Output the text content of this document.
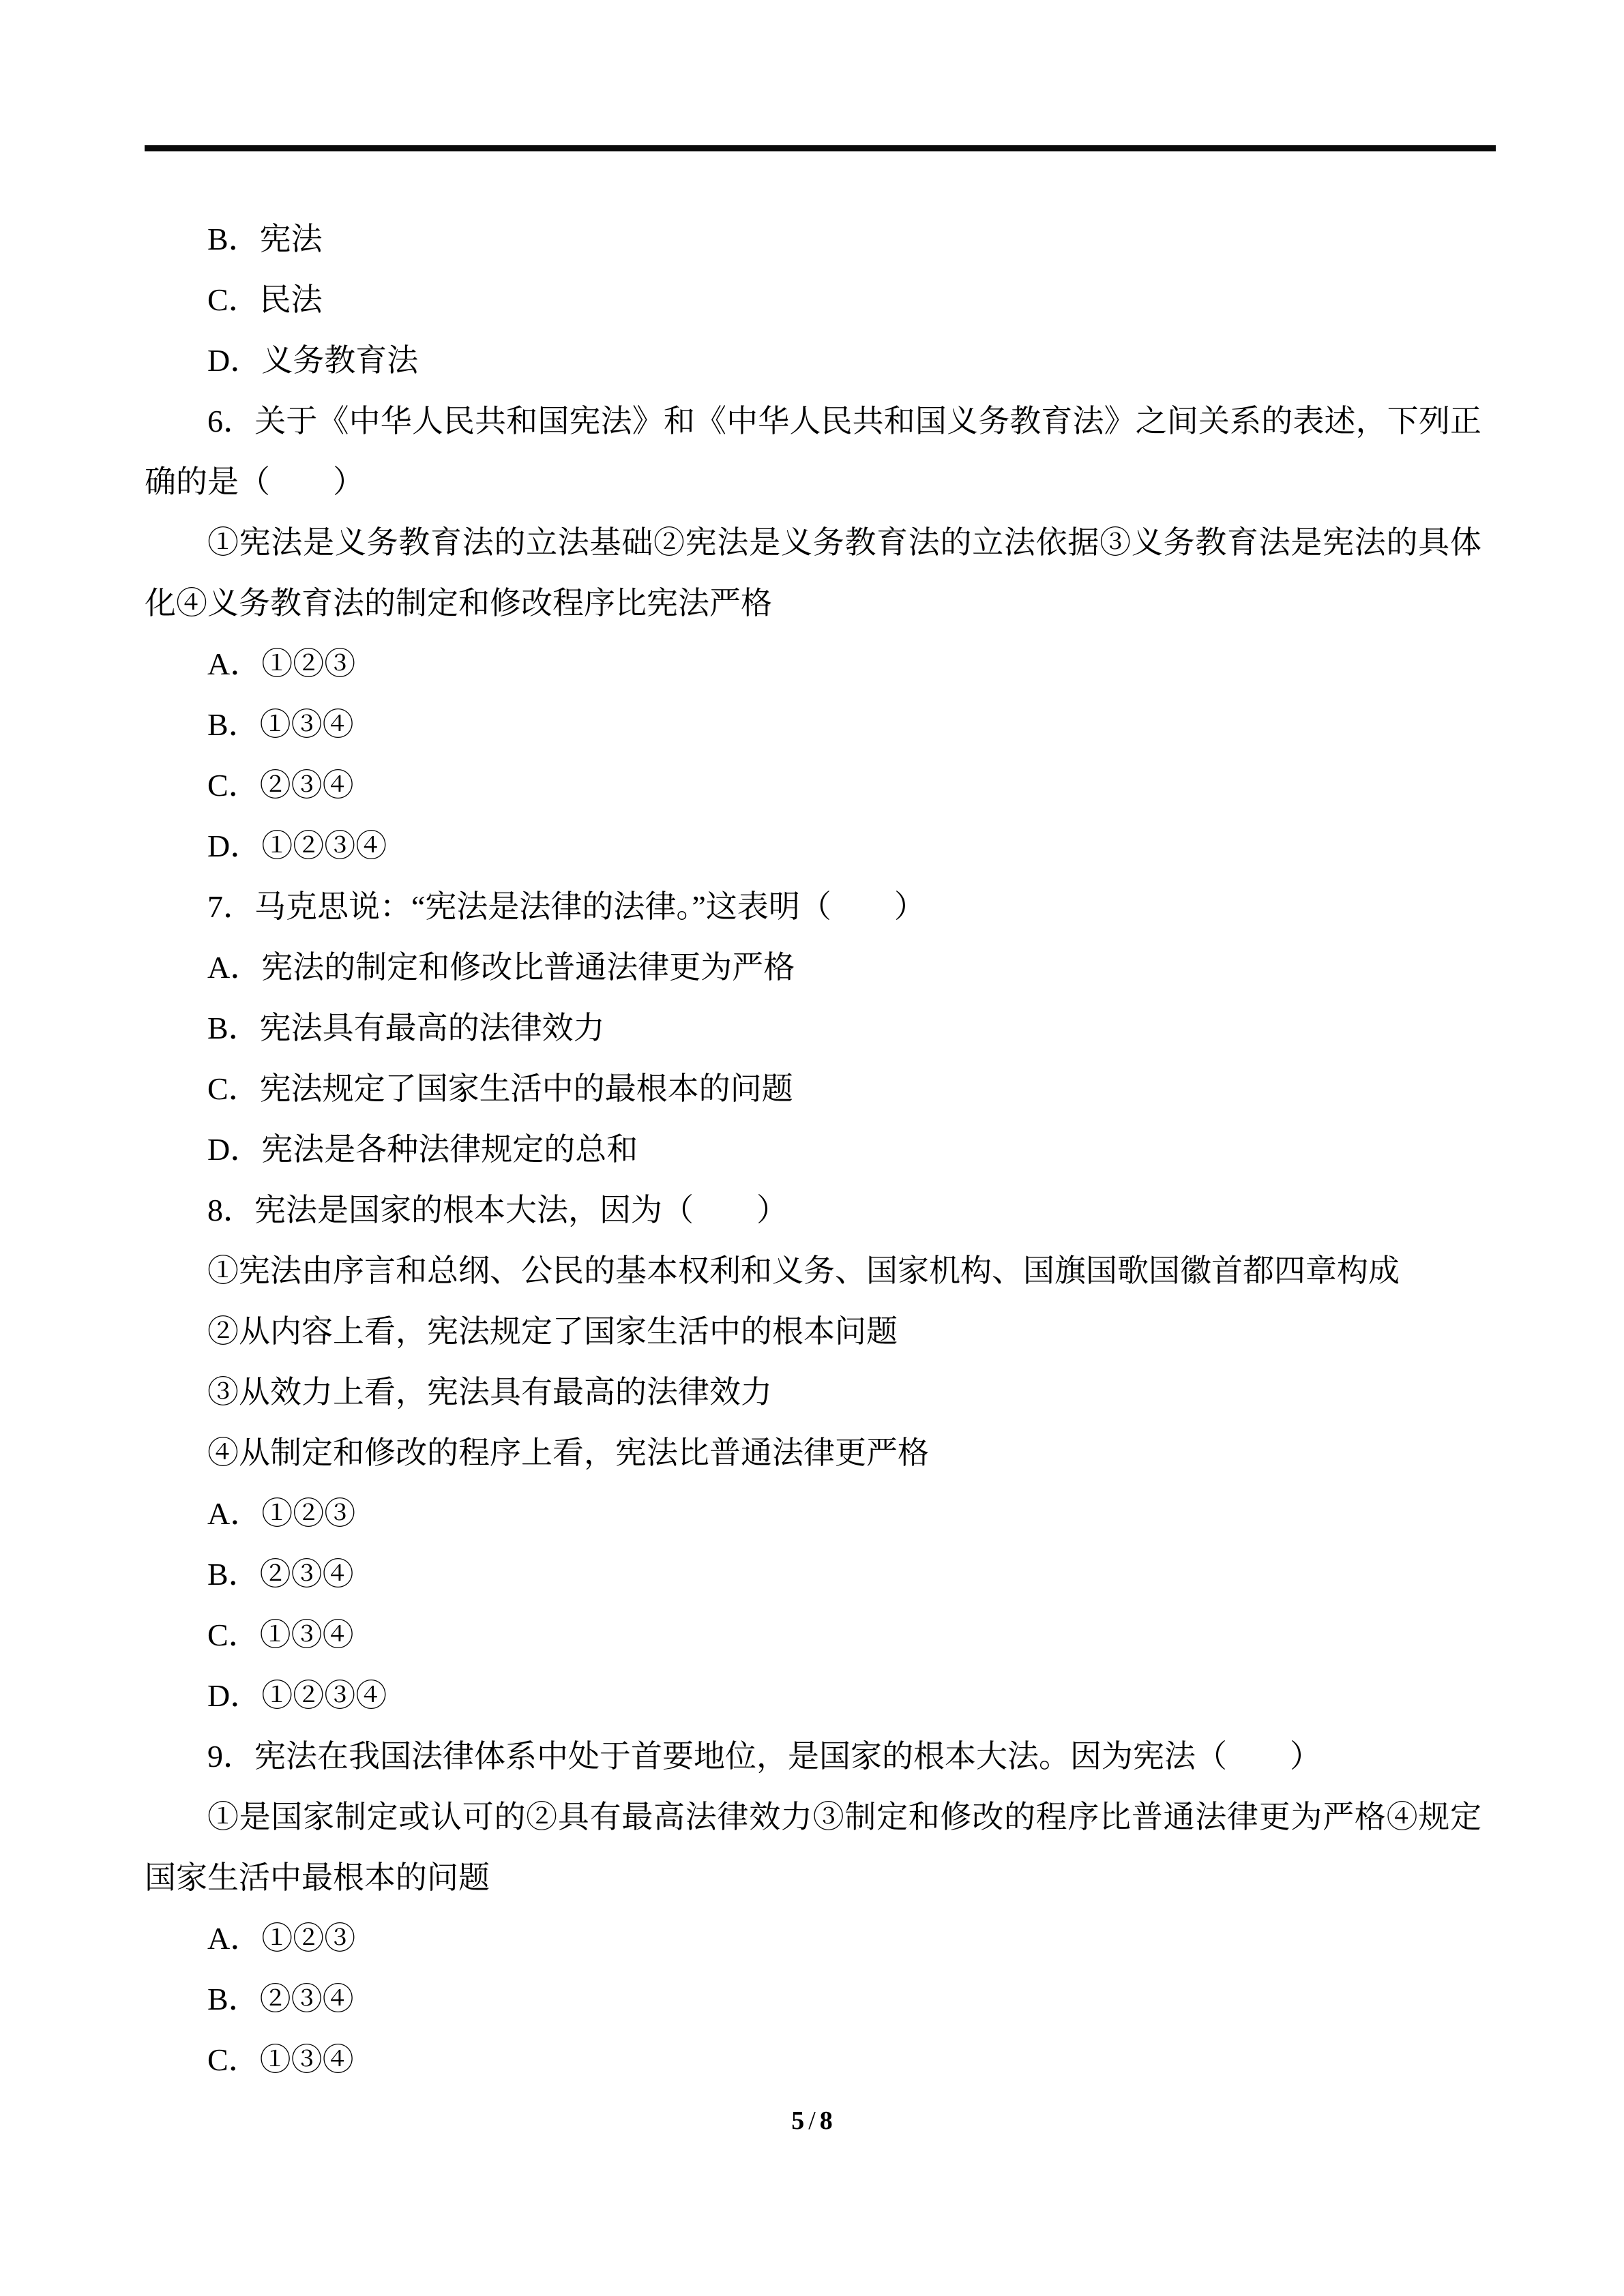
B．宪法

C．民法

D．义务教育法

6．关于《中华人民共和国宪法》和《中华人民共和国义务教育法》之间关系的表述，下列正确的是（　　）

①宪法是义务教育法的立法基础②宪法是义务教育法的立法依据③义务教育法是宪法的具体化④义务教育法的制定和修改程序比宪法严格

A．①②③

B．①③④

C．②③④

D．①②③④

7．马克思说：“宪法是法律的法律。”这表明（　　）

A．宪法的制定和修改比普通法律更为严格

B．宪法具有最高的法律效力

C．宪法规定了国家生活中的最根本的问题

D．宪法是各种法律规定的总和

8．宪法是国家的根本大法，因为（　　）

①宪法由序言和总纲、公民的基本权利和义务、国家机构、国旗国歌国徽首都四章构成

②从内容上看，宪法规定了国家生活中的根本问题

③从效力上看，宪法具有最高的法律效力

④从制定和修改的程序上看，宪法比普通法律更严格

A．①②③

B．②③④

C．①③④

D．①②③④

9．宪法在我国法律体系中处于首要地位，是国家的根本大法。因为宪法（　　）

①是国家制定或认可的②具有最高法律效力③制定和修改的程序比普通法律更为严格④规定国家生活中最根本的问题

A．①②③

B．②③④

C．①③④

5 / 8
